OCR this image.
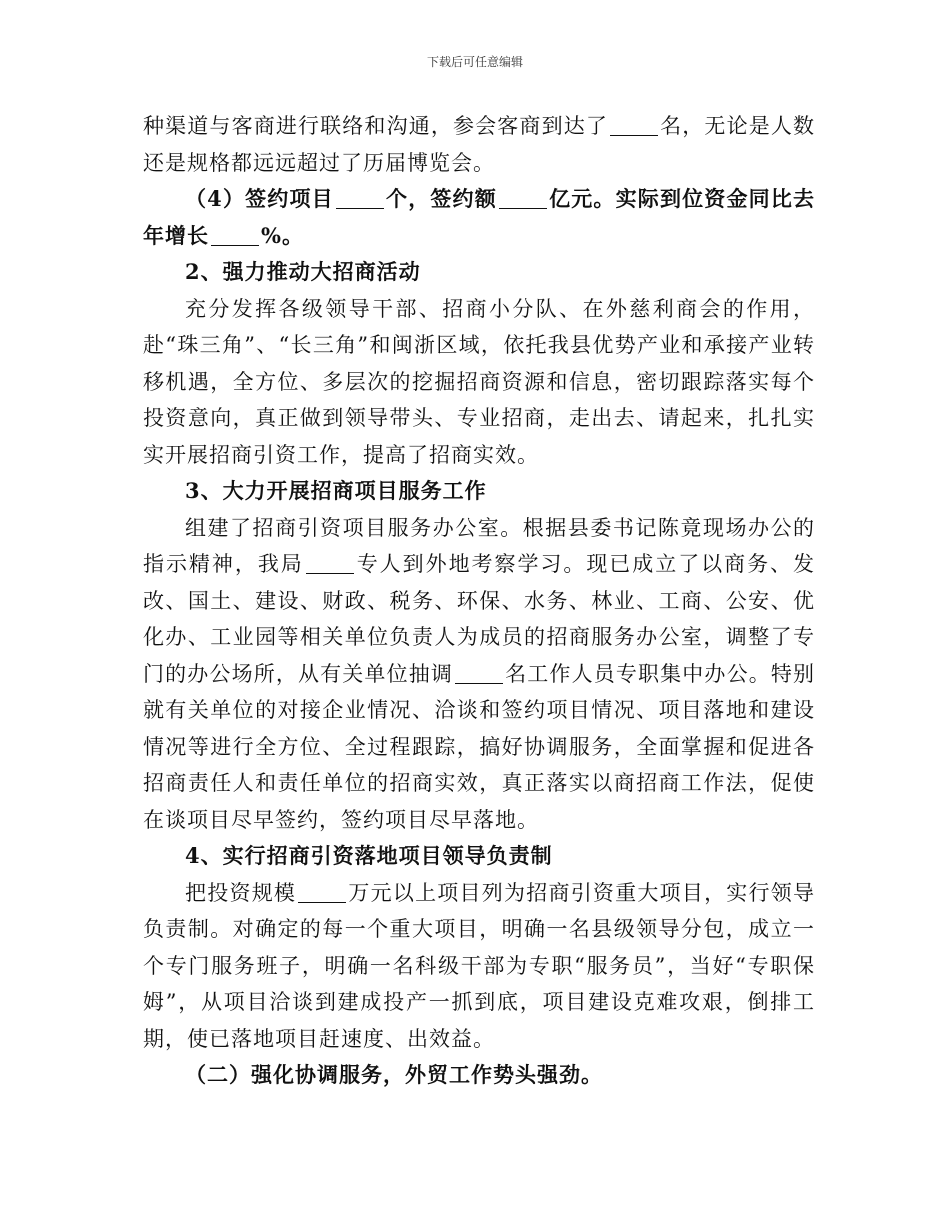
下载后可任意编辑

种渠道与客商进行联络和沟通，参会客商到达了 名，无论是人数还是规格都远远超过了历届博览会。

（4）签约项目 个，签约额 亿元。实际到位资金同比去年增长 %。

2、强力推动大招商活动

充分发挥各级领导干部、招商小分队、在外慈利商会的作用，赴“珠三角”、“长三角”和闽浙区域，依托我县优势产业和承接产业转移机遇，全方位、多层次的挖掘招商资源和信息，密切跟踪落实每个投资意向，真正做到领导带头、专业招商，走出去、请起来，扎扎实实开展招商引资工作，提高了招商实效。

3、大力开展招商项目服务工作

组建了招商引资项目服务办公室。根据县委书记陈竟现场办公的指示精神，我局 专人到外地考察学习。现已成立了以商务、发改、国土、建设、财政、税务、环保、水务、林业、工商、公安、优化办、工业园等相关单位负责人为成员的招商服务办公室，调整了专门的办公场所，从有关单位抽调 名工作人员专职集中办公。特别就有关单位的对接企业情况、洽谈和签约项目情况、项目落地和建设情况等进行全方位、全过程跟踪，搞好协调服务，全面掌握和促进各招商责任人和责任单位的招商实效，真正落实以商招商工作法，促使在谈项目尽早签约，签约项目尽早落地。

4、实行招商引资落地项目领导负责制

把投资规模 万元以上项目列为招商引资重大项目，实行领导负责制。对确定的每一个重大项目，明确一名县级领导分包，成立一个专门服务班子，明确一名科级干部为专职“服务员”，当好“专职保姆”，从项目洽谈到建成投产一抓到底，项目建设克难攻艰，倒排工期，使已落地项目赶速度、出效益。

（二）强化协调服务，外贸工作势头强劲。
